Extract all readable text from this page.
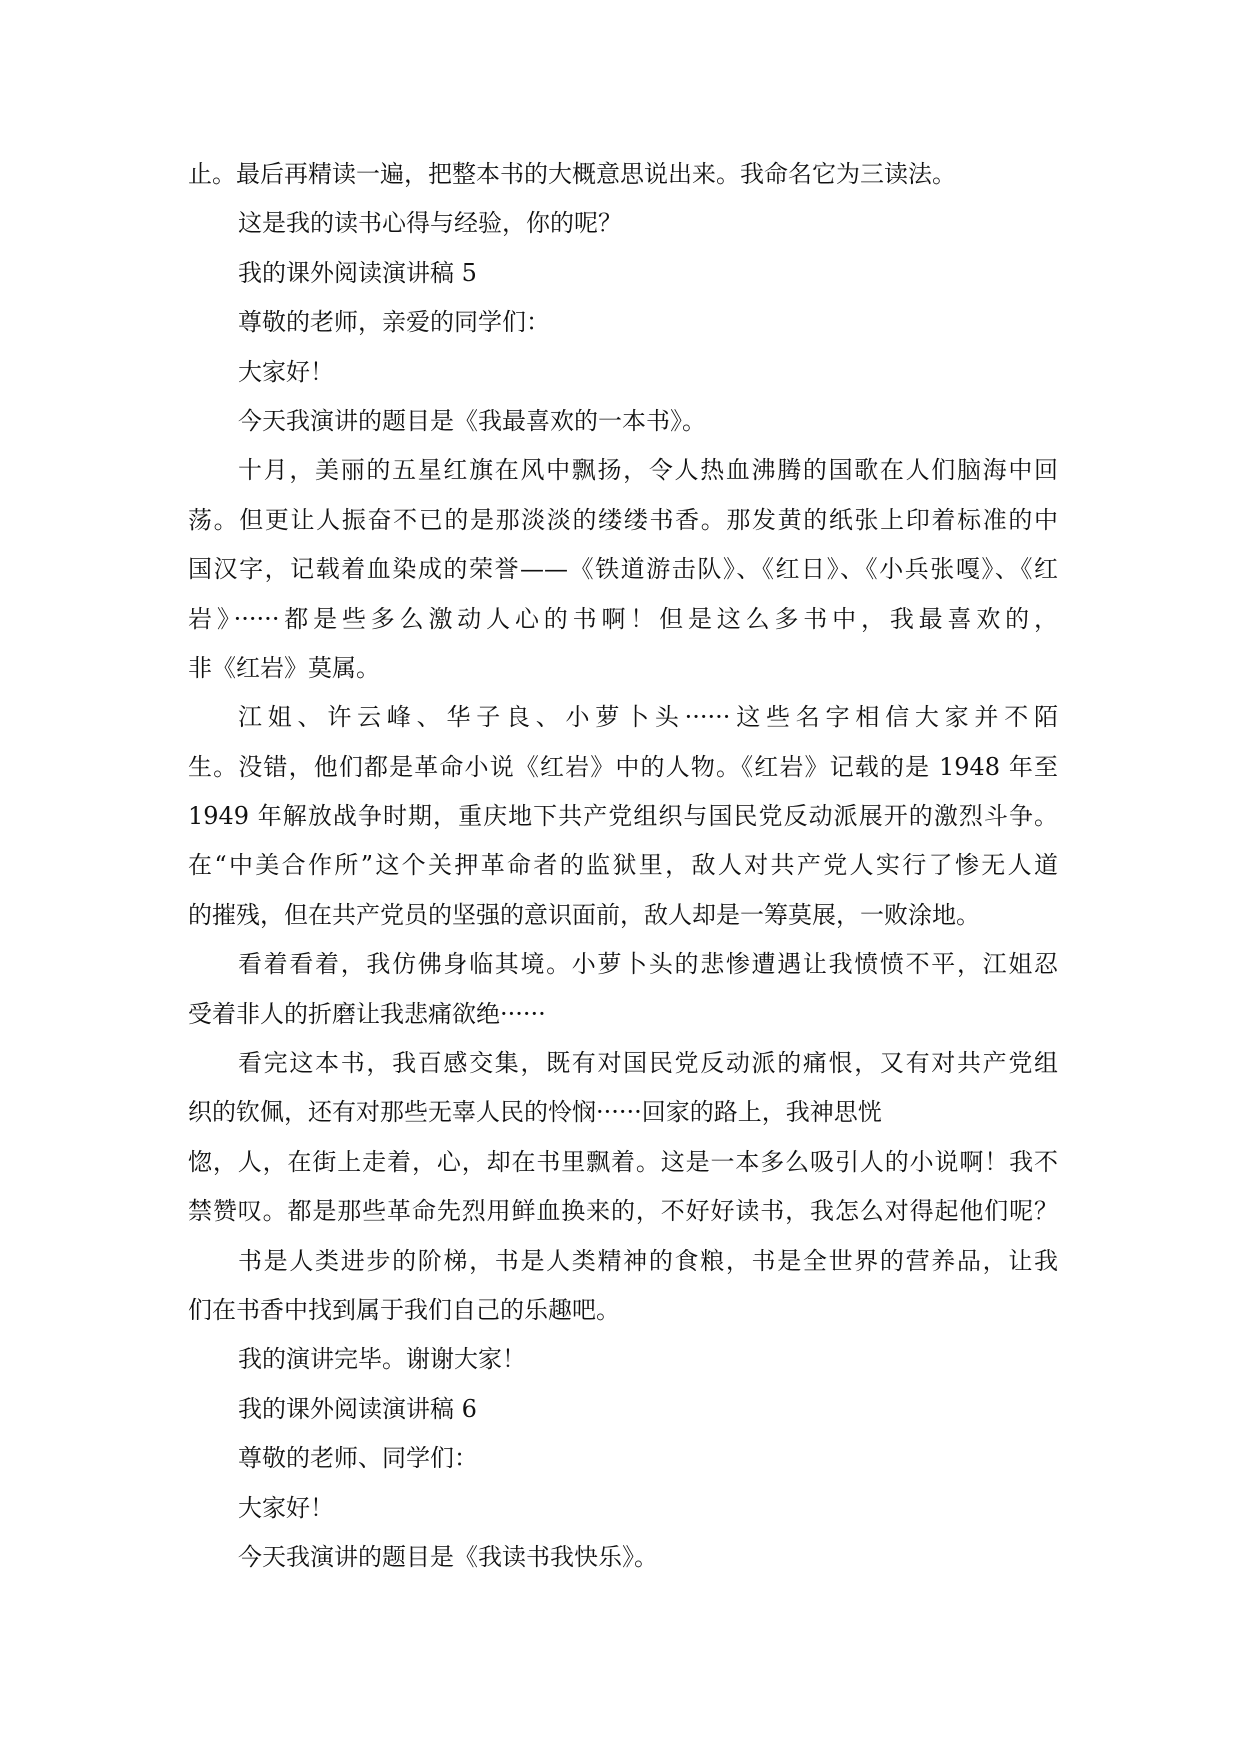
止。最后再精读一遍，把整本书的大概意思说出来。我命名它为三读法。
这是我的读书心得与经验，你的呢？
我的课外阅读演讲稿 5
尊敬的老师，亲爱的同学们：
大家好！
今天我演讲的题目是《我最喜欢的一本书》。
十月，美丽的五星红旗在风中飘扬，令人热血沸腾的国歌在人们脑海中回
荡。但更让人振奋不已的是那淡淡的缕缕书香。那发黄的纸张上印着标准的中
国汉字，记载着血染成的荣誉——《铁道游击队》、《红日》、《小兵张嘎》、《红
岩》······都是些多么激动人心的书啊！但是这么多书中，我最喜欢的，
非《红岩》莫属。
江姐、许云峰、华子良、小萝卜头······这些名字相信大家并不陌
生。没错，他们都是革命小说《红岩》中的人物。《红岩》记载的是 1948 年至
1949 年解放战争时期，重庆地下共产党组织与国民党反动派展开的激烈斗争。
在“中美合作所”这个关押革命者的监狱里，敌人对共产党人实行了惨无人道
的摧残，但在共产党员的坚强的意识面前，敌人却是一筹莫展，一败涂地。
看着看着，我仿佛身临其境。小萝卜头的悲惨遭遇让我愤愤不平，江姐忍
受着非人的折磨让我悲痛欲绝······
看完这本书，我百感交集，既有对国民党反动派的痛恨，又有对共产党组
织的钦佩，还有对那些无辜人民的怜悯······回家的路上，我神思恍
惚，人，在街上走着，心，却在书里飘着。这是一本多么吸引人的小说啊！我不
禁赞叹。都是那些革命先烈用鲜血换来的，不好好读书，我怎么对得起他们呢？
书是人类进步的阶梯，书是人类精神的食粮，书是全世界的营养品，让我
们在书香中找到属于我们自己的乐趣吧。
我的演讲完毕。谢谢大家！
我的课外阅读演讲稿 6
尊敬的老师、同学们：
大家好！
今天我演讲的题目是《我读书我快乐》。
